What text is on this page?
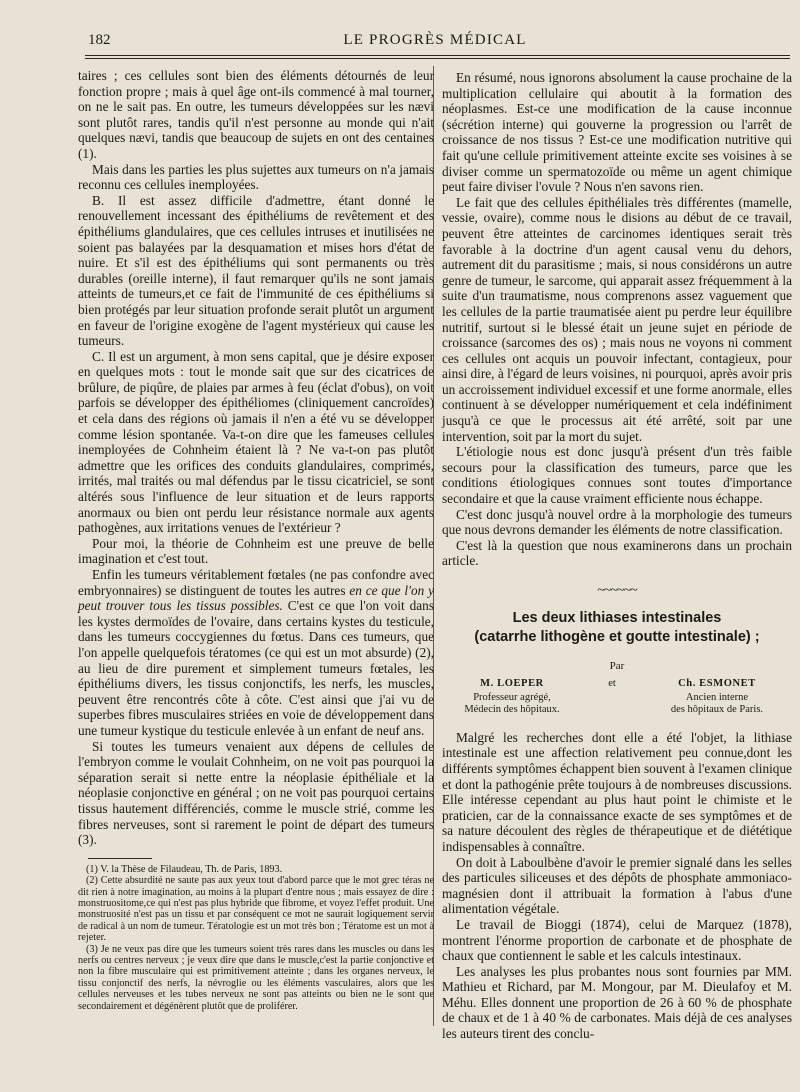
182	LE PROGRÈS MÉDICAL

taires ; ces cellules sont bien des éléments détournés de leur fonction propre ; mais à quel âge ont-ils commencé à mal tourner, on ne le sait pas. En outre, les tumeurs développées sur les nævi sont plutôt rares, tandis qu'il n'est personne au monde qui n'ait quelques nævi, tandis que beaucoup de sujets en ont des centaines (1).

Mais dans les parties les plus sujettes aux tumeurs on n'a jamais reconnu ces cellules inemployées.

B. Il est assez difficile d'admettre, étant donné le renouvellement incessant des épithéliums de revêtement et des épithéliums glandulaires, que ces cellules intruses et inutilisées ne soient pas balayées par la desquamation et mises hors d'état de nuire. Et s'il est des épithéliums qui sont permanents ou très durables (oreille interne), il faut remarquer qu'ils ne sont jamais atteints de tumeurs,et ce fait de l'immunité de ces épithéliums si bien protégés par leur situation profonde serait plutôt un argument en faveur de l'origine exogène de l'agent mystérieux qui cause les tumeurs.

C. Il est un argument, à mon sens capital, que je désire exposer en quelques mots : tout le monde sait que sur des cicatrices de brûlure, de piqûre, de plaies par armes à feu (éclat d'obus), on voit parfois se développer des épithéliomes (cliniquement cancroïdes) et cela dans des régions où jamais il n'en a été vu se développer comme lésion spontanée. Va-t-on dire que les fameuses cellules inemployées de Cohnheim étaient là ? Ne va-t-on pas plutôt admettre que les orifices des conduits glandulaires, comprimés, irrités, mal traités ou mal défendus par le tissu cicatriciel, se sont altérés sous l'influence de leur situation et de leurs rapports anormaux ou bien ont perdu leur résistance normale aux agents pathogènes, aux irritations venues de l'extérieur ?

Pour moi, la théorie de Cohnheim est une preuve de belle imagination et c'est tout.

Enfin les tumeurs véritablement fœtales (ne pas confondre avec embryonnaires) se distinguent de toutes les autres en ce que l'on y peut trouver tous les tissus possibles. C'est ce que l'on voit dans les kystes dermoïdes de l'ovaire, dans certains kystes du testicule, dans les tumeurs coccygiennes du fœtus. Dans ces tumeurs, que l'on appelle quelquefois tératomes (ce qui est un mot absurde) (2), au lieu de dire purement et simplement tumeurs fœtales, les épithéliums divers, les tissus conjonctifs, les nerfs, les muscles, peuvent être rencontrés côte à côte. C'est ainsi que j'ai vu de superbes fibres musculaires striées en voie de développement dans une tumeur kystique du testicule enlevée à un enfant de neuf ans.

Si toutes les tumeurs venaient aux dépens de cellules de l'embryon comme le voulait Cohnheim, on ne voit pas pourquoi la séparation serait si nette entre la néoplasie épithéliale et la néoplasie conjonctive en général ; on ne voit pas pourquoi certains tissus hautement différenciés, comme le muscle strié, comme les fibres nerveuses, sont si rarement le point de départ des tumeurs (3).

(1) V. la Thèse de Filaudeau, Th. de Paris, 1893.

(2) Cette absurdité ne saute pas aux yeux tout d'abord parce que le mot grec téras ne dit rien à notre imagination, au moins à la plupart d'entre nous ; mais essayez de dire : monstruositome,ce qui n'est pas plus hybride que fibrome, et voyez l'effet produit. Une monstruosité n'est pas un tissu et par conséquent ce mot ne saurait logiquement servir de radical à un nom de tumeur. Tératologie est un mot très bon ; Tératome est un mot à rejeter.

(3) Je ne veux pas dire que les tumeurs soient très rares dans les muscles ou dans les nerfs ou centres nerveux ; je veux dire que dans le muscle,c'est la partie conjonctive et non la fibre musculaire qui est primitivement atteinte ; dans les organes nerveux, le tissu conjonctif des nerfs, la névroglie ou les éléments vasculaires, alors que les cellules nerveuses et les tubes nerveux ne sont pas atteints ou bien ne le sont que secondairement et dégénèrent plutôt que de proliférer.

En résumé, nous ignorons absolument la cause prochaine de la multiplication cellulaire qui aboutit à la formation des néoplasmes. Est-ce une modification de la cause inconnue (sécrétion interne) qui gouverne la progression ou l'arrêt de croissance de nos tissus ? Est-ce une modification nutritive qui fait qu'une cellule primitivement atteinte excite ses voisines à se diviser comme un spermatozoïde ou même un agent chimique peut faire diviser l'ovule ? Nous n'en savons rien.

Le fait que des cellules épithéliales très différentes (mamelle, vessie, ovaire), comme nous le disions au début de ce travail, peuvent être atteintes de carcinomes identiques serait très favorable à la doctrine d'un agent causal venu du dehors, autrement dit du parasitisme ; mais, si nous considérons un autre genre de tumeur, le sarcome, qui apparait assez fréquemment à la suite d'un traumatisme, nous comprenons assez vaguement que les cellules de la partie traumatisée aient pu perdre leur équilibre nutritif, surtout si le blessé était un jeune sujet en période de croissance (sarcomes des os) ; mais nous ne voyons ni comment ces cellules ont acquis un pouvoir infectant, contagieux, pour ainsi dire, à l'égard de leurs voisines, ni pourquoi, après avoir pris un accroissement individuel excessif et une forme anormale, elles continuent à se développer numériquement et cela indéfiniment jusqu'à ce que le processus ait été arrêté, soit par une intervention, soit par la mort du sujet.

L'étiologie nous est donc jusqu'à présent d'un très faible secours pour la classification des tumeurs, parce que les conditions étiologiques connues sont toutes d'importance secondaire et que la cause vraiment efficiente nous échappe.

C'est donc jusqu'à nouvel ordre à la morphologie des tumeurs que nous devrons demander les éléments de notre classification.

C'est là la question que nous examinerons dans un prochain article.

~~~~~~
Les deux lithiases intestinales
(catarrhe lithogène et goutte intestinale) ;
Par
M. LOEPER
Professeur agrégé,
Médecin des hôpitaux.
et	Ch. ESMONET
Ancien interne
des hôpitaux de Paris.

Malgré les recherches dont elle a été l'objet, la lithiase intestinale est une affection relativement peu connue,dont les différents symptômes échappent bien souvent à l'examen clinique et dont la pathogénie prête toujours à de nombreuses discussions. Elle intéresse cependant au plus haut point le chimiste et le praticien, car de la connaissance exacte de ses symptômes et de sa nature découlent des règles de thérapeutique et de diététique indispensables à connaître.

On doit à Laboulbène d'avoir le premier signalé dans les selles des particules siliceuses et des dépôts de phosphate ammoniaco-magnésien dont il attribuait la formation à l'abus d'une alimentation végétale.

Le travail de Bioggi (1874), celui de Marquez (1878), montrent l'énorme proportion de carbonate et de phosphate de chaux que contiennent le sable et les calculs intestinaux.

Les analyses les plus probantes nous sont fournies par MM. Mathieu et Richard, par M. Mongour, par M. Dieulafoy et M. Méhu. Elles donnent une proportion de 26 à 60 % de phosphate de chaux et de 1 à 40 % de carbonates. Mais déjà de ces analyses les auteurs tirent des conclu-
